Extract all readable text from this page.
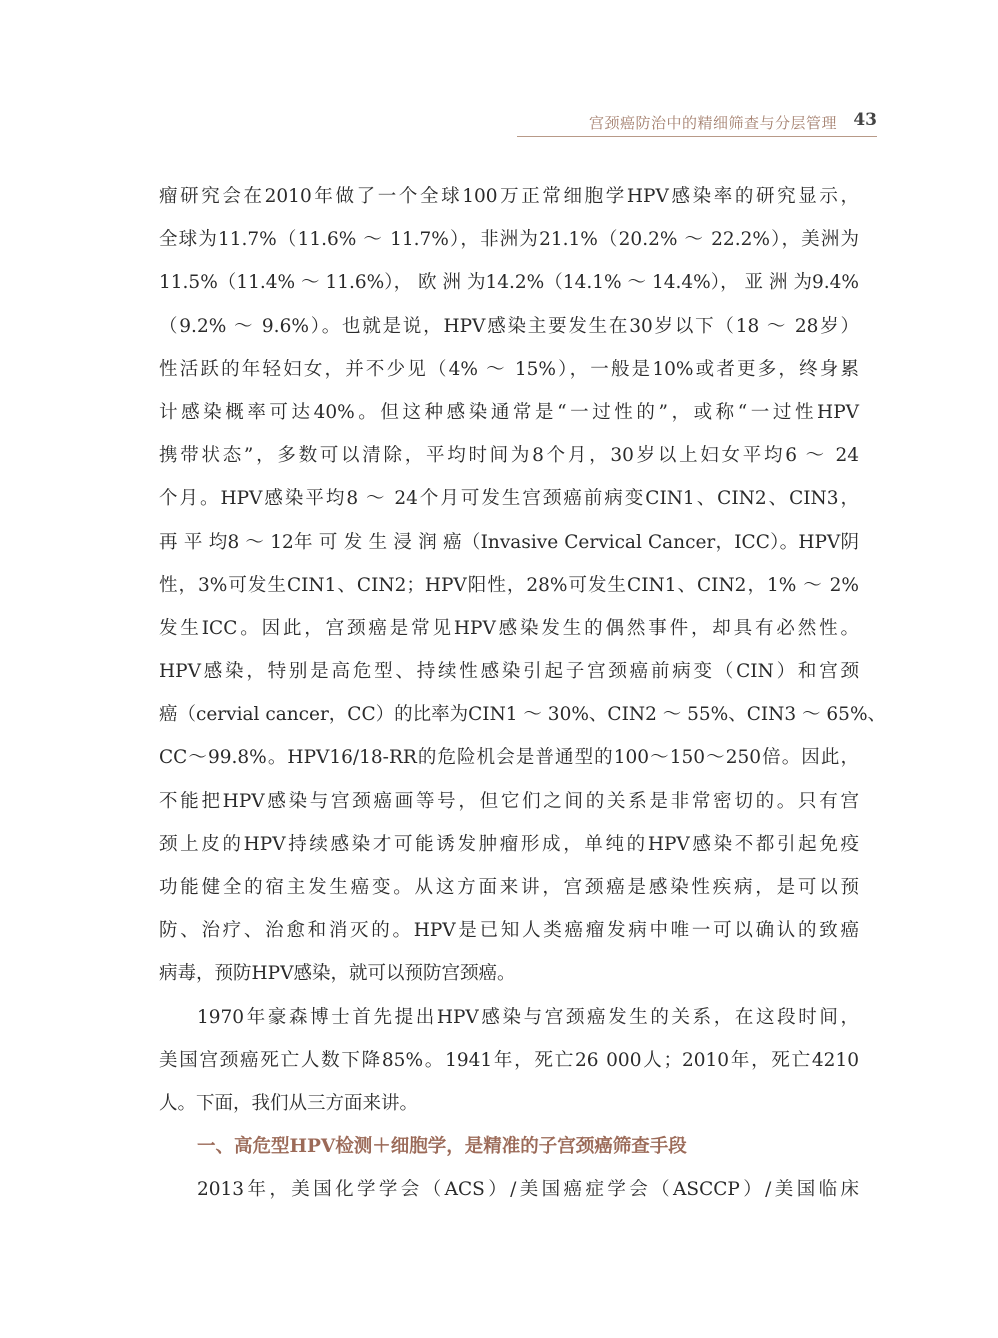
宫颈癌防治中的精细筛查与分层管理 43

瘤研究会在2010年做了一个全球100万正常细胞学HPV感染率的研究显示，
全球为11.7%（11.6% ～ 11.7%），非洲为21.1%（20.2% ～ 22.2%），美洲为
11.5%（11.4% ～ 11.6%）， 欧 洲 为14.2%（14.1% ～ 14.4%）， 亚 洲 为9.4%
（9.2% ～ 9.6%）。也就是说，HPV感染主要发生在30岁以下（18 ～ 28岁）
性活跃的年轻妇女，并不少见（4% ～ 15%），一般是10%或者更多，终身累
计感染概率可达40%。但这种感染通常是“一过性的”，或称“一过性HPV
携带状态”，多数可以清除，平均时间为8个月，30岁以上妇女平均6 ～ 24
个月。HPV感染平均8 ～ 24个月可发生宫颈癌前病变CIN1、CIN2、CIN3，
再 平 均8 ～ 12年 可 发 生 浸 润 癌（Invasive Cervical Cancer，ICC）。HPV阴
性，3%可发生CIN1、CIN2；HPV阳性，28%可发生CIN1、CIN2，1% ～ 2%
发生ICC。因此，宫颈癌是常见HPV感染发生的偶然事件，却具有必然性。
HPV感染，特别是高危型、持续性感染引起子宫颈癌前病变（CIN）和宫颈
癌（cervial cancer，CC）的比率为CIN1 ～ 30%、CIN2 ～ 55%、CIN3 ～ 65%、
CC～99.8%。HPV16/18-RR的危险机会是普通型的100～150～250倍。因此，
不能把HPV感染与宫颈癌画等号，但它们之间的关系是非常密切的。只有宫
颈上皮的HPV持续感染才可能诱发肿瘤形成，单纯的HPV感染不都引起免疫
功能健全的宿主发生癌变。从这方面来讲，宫颈癌是感染性疾病，是可以预
防、治疗、治愈和消灭的。HPV是已知人类癌瘤发病中唯一可以确认的致癌
病毒，预防HPV感染，就可以预防宫颈癌。

1970年豪森博士首先提出HPV感染与宫颈癌发生的关系，在这段时间，
美国宫颈癌死亡人数下降85%。1941年，死亡26 000人；2010年，死亡4210
人。下面，我们从三方面来讲。

一、高危型HPV检测＋细胞学，是精准的子宫颈癌筛查手段

2013年，美国化学学会（ACS）/美国癌症学会（ASCCP）/美国临床
